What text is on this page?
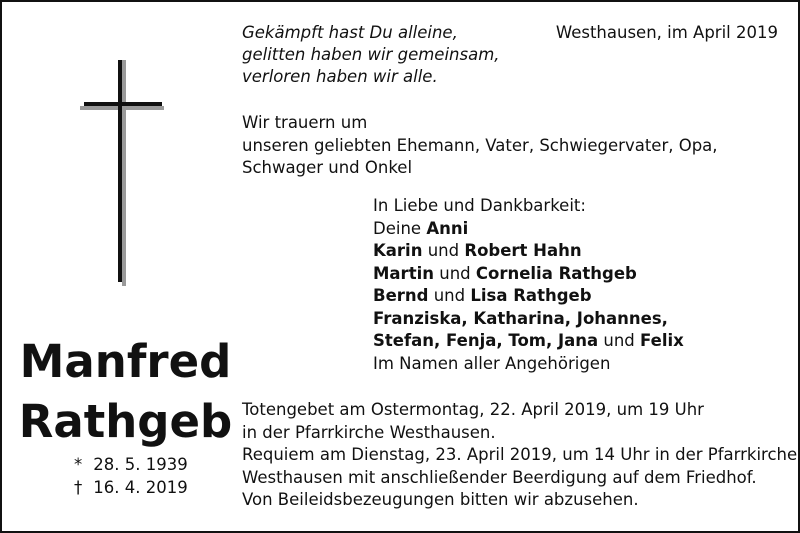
Manfred
Rathgeb
* 28. 5. 1939
† 16. 4. 2019
Gekämpft hast Du alleine,
gelitten haben wir gemeinsam,
verloren haben wir alle.
Westhausen, im April 2019
Wir trauern um
unseren geliebten Ehemann, Vater, Schwiegervater, Opa,
Schwager und Onkel
In Liebe und Dankbarkeit:
Deine Anni
Karin und Robert Hahn
Martin und Cornelia Rathgeb
Bernd und Lisa Rathgeb
Franziska, Katharina, Johannes,
Stefan, Fenja, Tom, Jana und Felix
Im Namen aller Angehörigen
Totengebet am Ostermontag, 22. April 2019, um 19 Uhr
in der Pfarrkirche Westhausen.
Requiem am Dienstag, 23. April 2019, um 14 Uhr in der Pfarrkirche
Westhausen mit anschließender Beerdigung auf dem Friedhof.
Von Beileidsbezeugungen bitten wir abzusehen.
